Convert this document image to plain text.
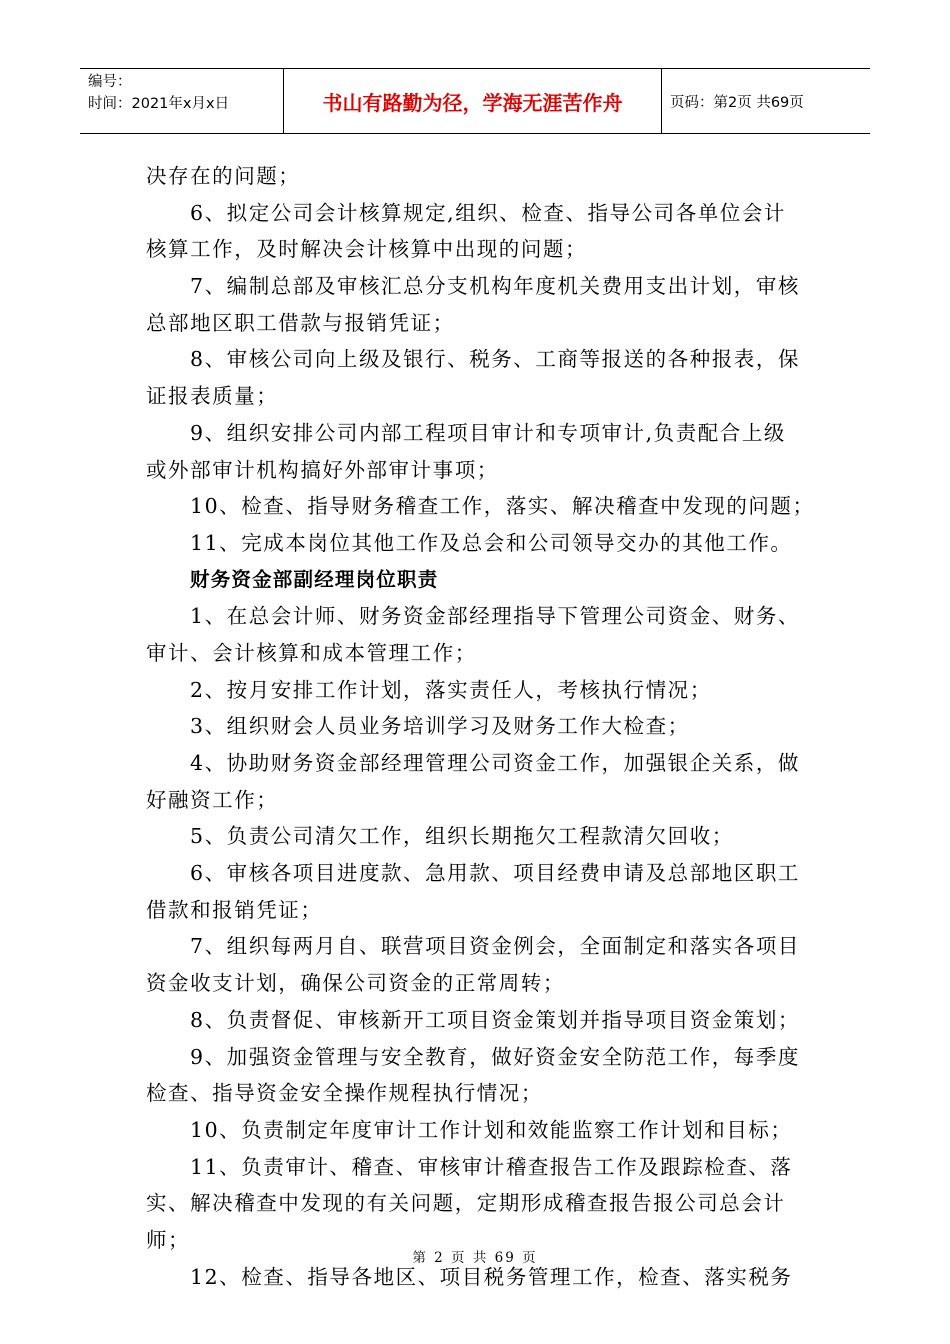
编号：
时间：2021年x月x日	书山有路勤为径，学海无涯苦作舟	页码：第2页 共69页
决存在的问题；
6、拟定公司会计核算规定,组织、检查、指导公司各单位会计
核算工作，及时解决会计核算中出现的问题；
7、编制总部及审核汇总分支机构年度机关费用支出计划，审核
总部地区职工借款与报销凭证；
8、审核公司向上级及银行、税务、工商等报送的各种报表，保
证报表质量；
9、组织安排公司内部工程项目审计和专项审计,负责配合上级
或外部审计机构搞好外部审计事项；
10、检查、指导财务稽查工作，落实、解决稽查中发现的问题；
11、完成本岗位其他工作及总会和公司领导交办的其他工作。
财务资金部副经理岗位职责
1、在总会计师、财务资金部经理指导下管理公司资金、财务、
审计、会计核算和成本管理工作；
2、按月安排工作计划，落实责任人，考核执行情况；
3、组织财会人员业务培训学习及财务工作大检查；
4、协助财务资金部经理管理公司资金工作，加强银企关系，做
好融资工作；
5、负责公司清欠工作，组织长期拖欠工程款清欠回收；
6、审核各项目进度款、急用款、项目经费申请及总部地区职工
借款和报销凭证；
7、组织每两月自、联营项目资金例会，全面制定和落实各项目
资金收支计划，确保公司资金的正常周转；
8、负责督促、审核新开工项目资金策划并指导项目资金策划；
9、加强资金管理与安全教育，做好资金安全防范工作，每季度
检查、指导资金安全操作规程执行情况；
10、负责制定年度审计工作计划和效能监察工作计划和目标；
11、负责审计、稽查、审核审计稽查报告工作及跟踪检查、落
实、解决稽查中发现的有关问题，定期形成稽查报告报公司总会计
师；
12、检查、指导各地区、项目税务管理工作，检查、落实税务
第 2 页 共 69 页
